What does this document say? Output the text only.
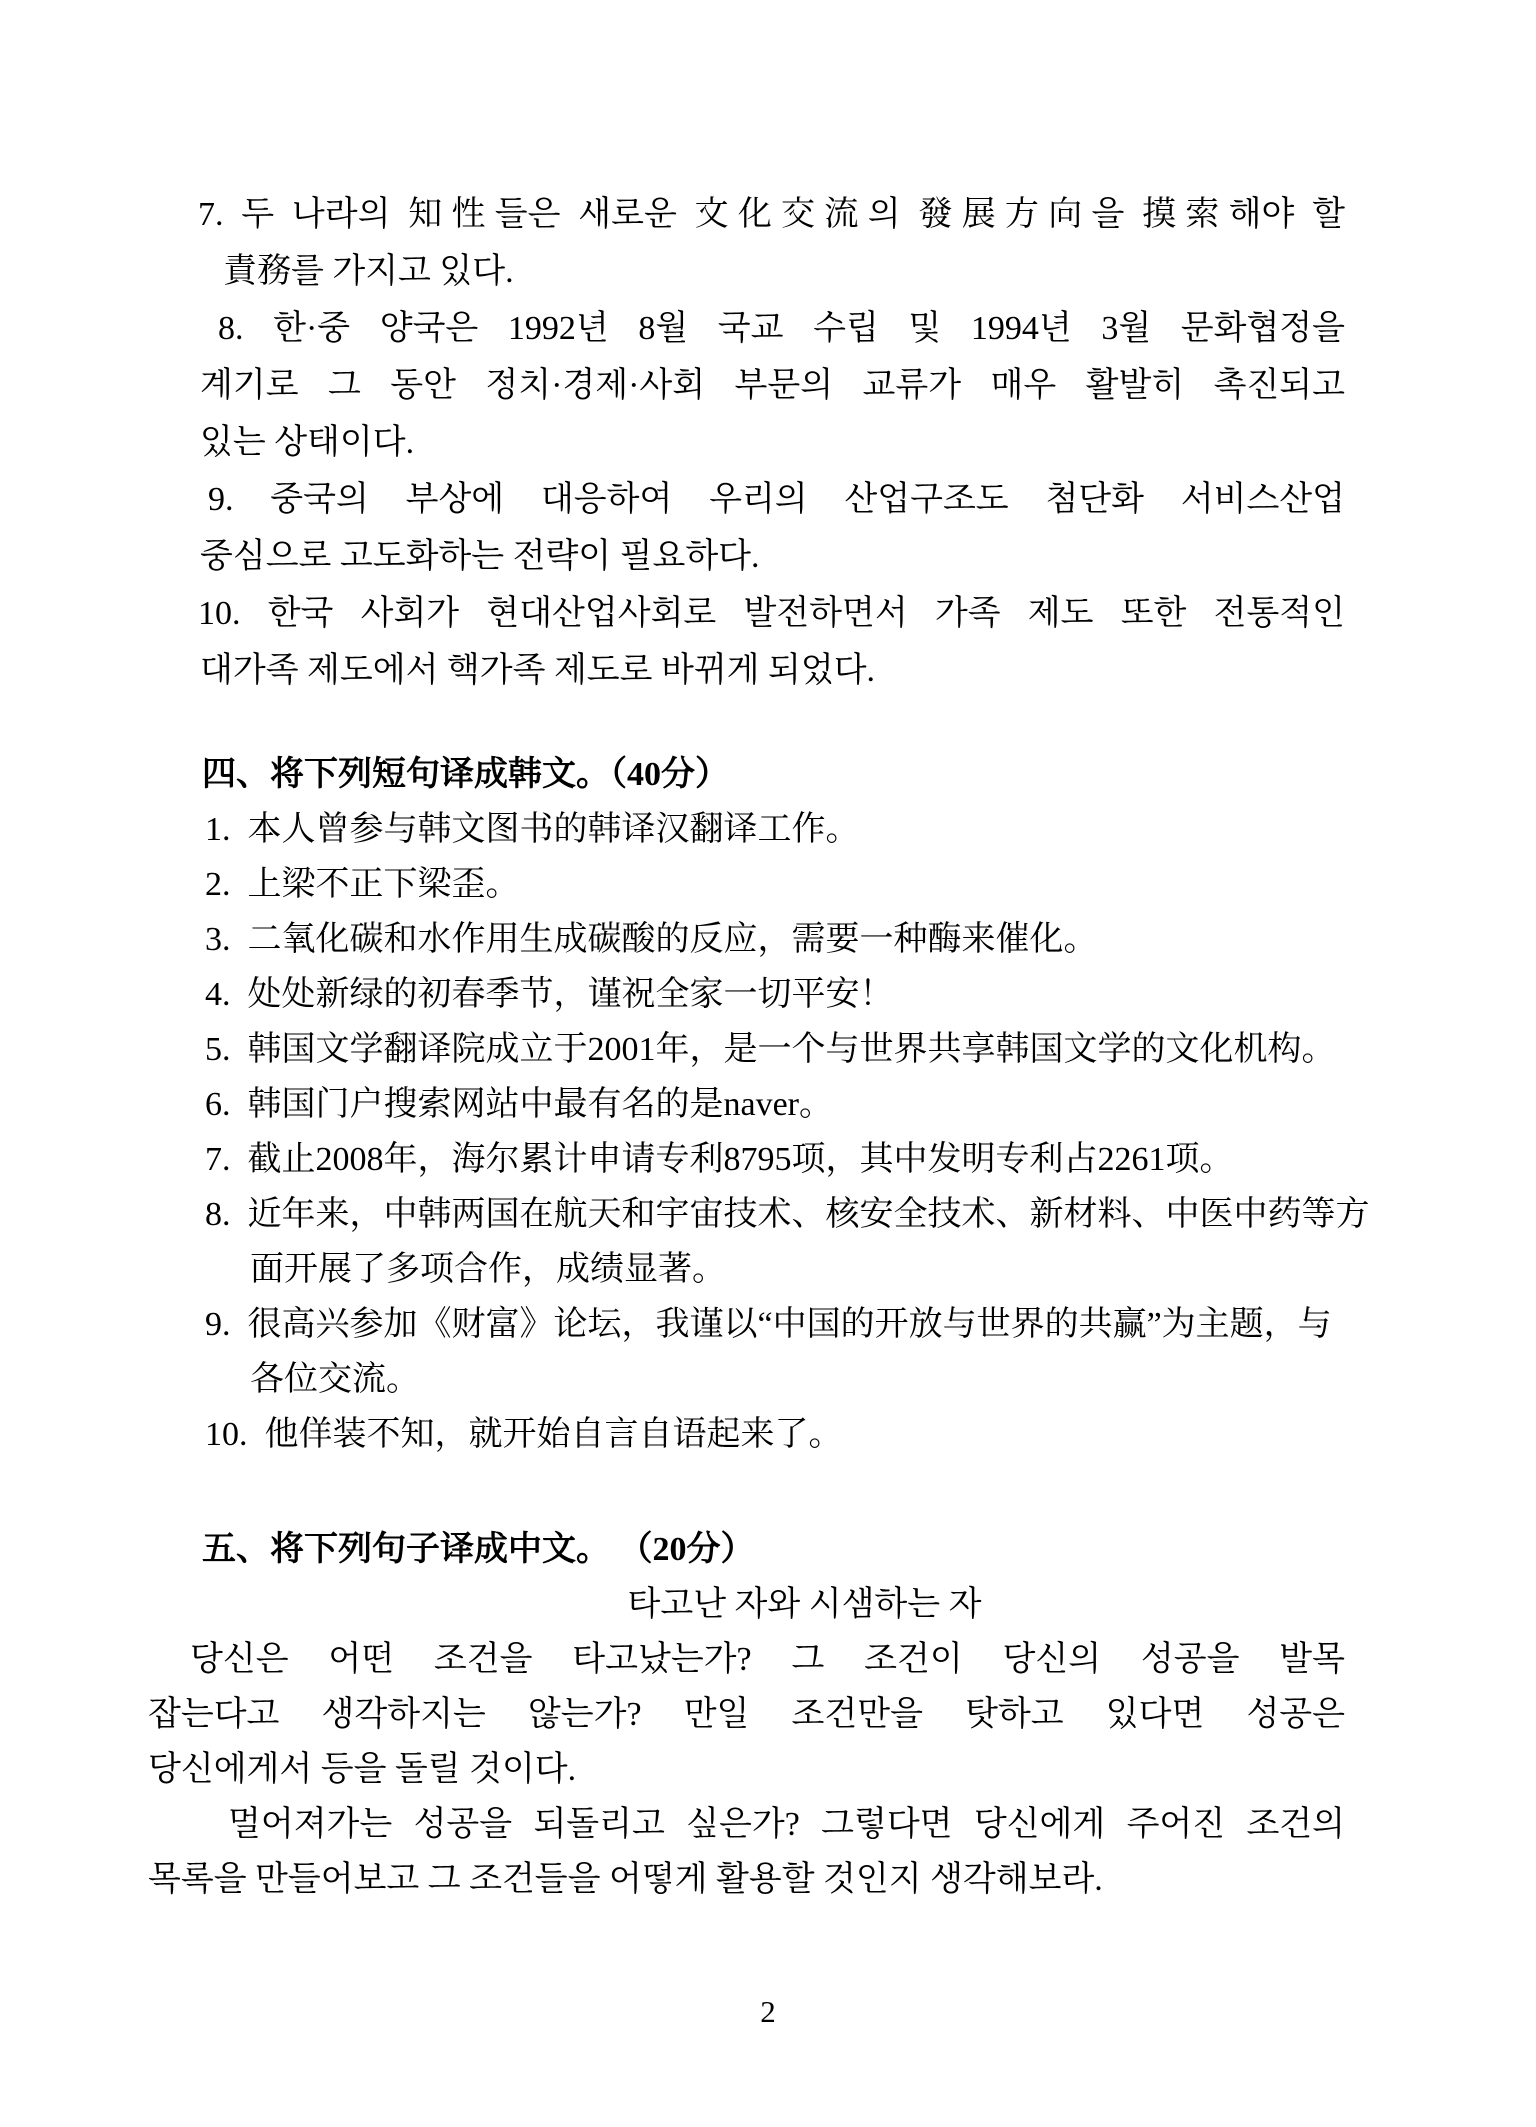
7. 두 나라의 知性들은 새로운 文化交流의 發展方向을 摸索해야 할
責務를 가지고 있다.
8. 한·중 양국은 1992년 8월 국교 수립 및 1994년 3월 문화협정을
계기로 그 동안 정치·경제·사회 부문의 교류가 매우 활발히 촉진되고
있는 상태이다.
9. 중국의 부상에 대응하여 우리의 산업구조도 첨단화 서비스산업
중심으로 고도화하는 전략이 필요하다.
10. 한국 사회가 현대산업사회로 발전하면서 가족 제도 또한 전통적인
대가족 제도에서 핵가족 제도로 바뀌게 되었다.
四、将下列短句译成韩文。（40分）
1.  本人曾参与韩文图书的韩译汉翻译工作。
2.  上梁不正下梁歪。
3.  二氧化碳和水作用生成碳酸的反应，需要一种酶来催化。
4.  处处新绿的初春季节，谨祝全家一切平安！
5.  韩国文学翻译院成立于2001年，是一个与世界共享韩国文学的文化机构。
6.  韩国门户搜索网站中最有名的是naver。
7.  截止2008年，海尔累计申请专利8795项，其中发明专利占2261项。
8.  近年来，中韩两国在航天和宇宙技术、核安全技术、新材料、中医中药等方
面开展了多项合作，成绩显著。
9.  很高兴参加《财富》论坛，我谨以“中国的开放与世界的共赢”为主题，与
各位交流。
10.  他佯装不知，就开始自言自语起来了。
五、将下列句子译成中文。 （20分）
타고난 자와 시샘하는 자
당신은 어떤 조건을 타고났는가? 그 조건이 당신의 성공을 발목
잡는다고 생각하지는 않는가? 만일 조건만을 탓하고 있다면 성공은
당신에게서 등을 돌릴 것이다.
멀어져가는 성공을 되돌리고 싶은가? 그렇다면 당신에게 주어진 조건의
목록을 만들어보고 그 조건들을 어떻게 활용할 것인지 생각해보라.
2
